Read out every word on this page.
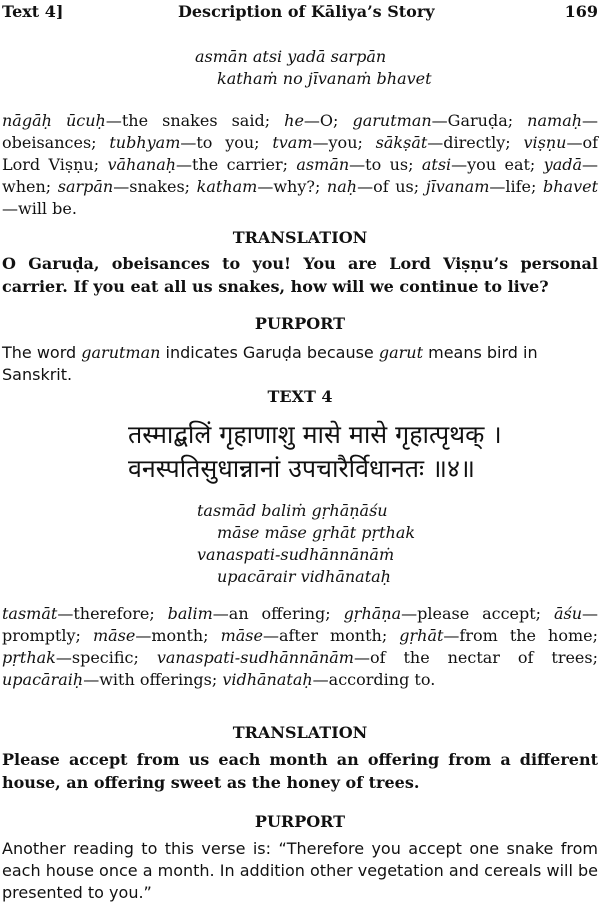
Text 4]	Description of Kāliya’s Story	169
asmān atsi yadā sarpān
kathaṁ no jīvanaṁ bhavet
nāgāḥ ūcuḥ—the snakes said; he—O; garutman—Garuḍa; namaḥ—obeisances; tubhyam—to you; tvam—you; sākṣāt—directly; viṣṇu—of Lord Viṣṇu; vāhanaḥ—the carrier; asmān—to us; atsi—you eat; yadā—when; sarpān—snakes; katham—why?; naḥ—of us; jīvanam—life; bhavet—will be.
TRANSLATION
O Garuḍa, obeisances to you! You are Lord Viṣṇu’s personal carrier. If you eat all us snakes, how will we continue to live?
PURPORT
The word garutman indicates Garuḍa because garut means bird in Sanskrit.
TEXT 4
तस्माद्बलिं गृहाणाशु मासे मासे गृहात्पृथक् ।
वनस्पतिसुधान्नानां उपचारैर्विधानतः ॥४॥
tasmād baliṁ gṛhāṇāśu
māse māse gṛhāt pṛthak
vanaspati-sudhānnānāṁ
upacārair vidhānataḥ
tasmāt—therefore; balim—an offering; gṛhāṇa—please accept; āśu—promptly; māse—month; māse—after month; gṛhāt—from the home; pṛthak—specific; vanaspati-sudhānnānām—of the nectar of trees; upacāraiḥ—with offerings; vidhānataḥ—according to.
TRANSLATION
Please accept from us each month an offering from a different house, an offering sweet as the honey of trees.
PURPORT
Another reading to this verse is: “Therefore you accept one snake from each house once a month. In addition other vegetation and cereals will be presented to you.”
